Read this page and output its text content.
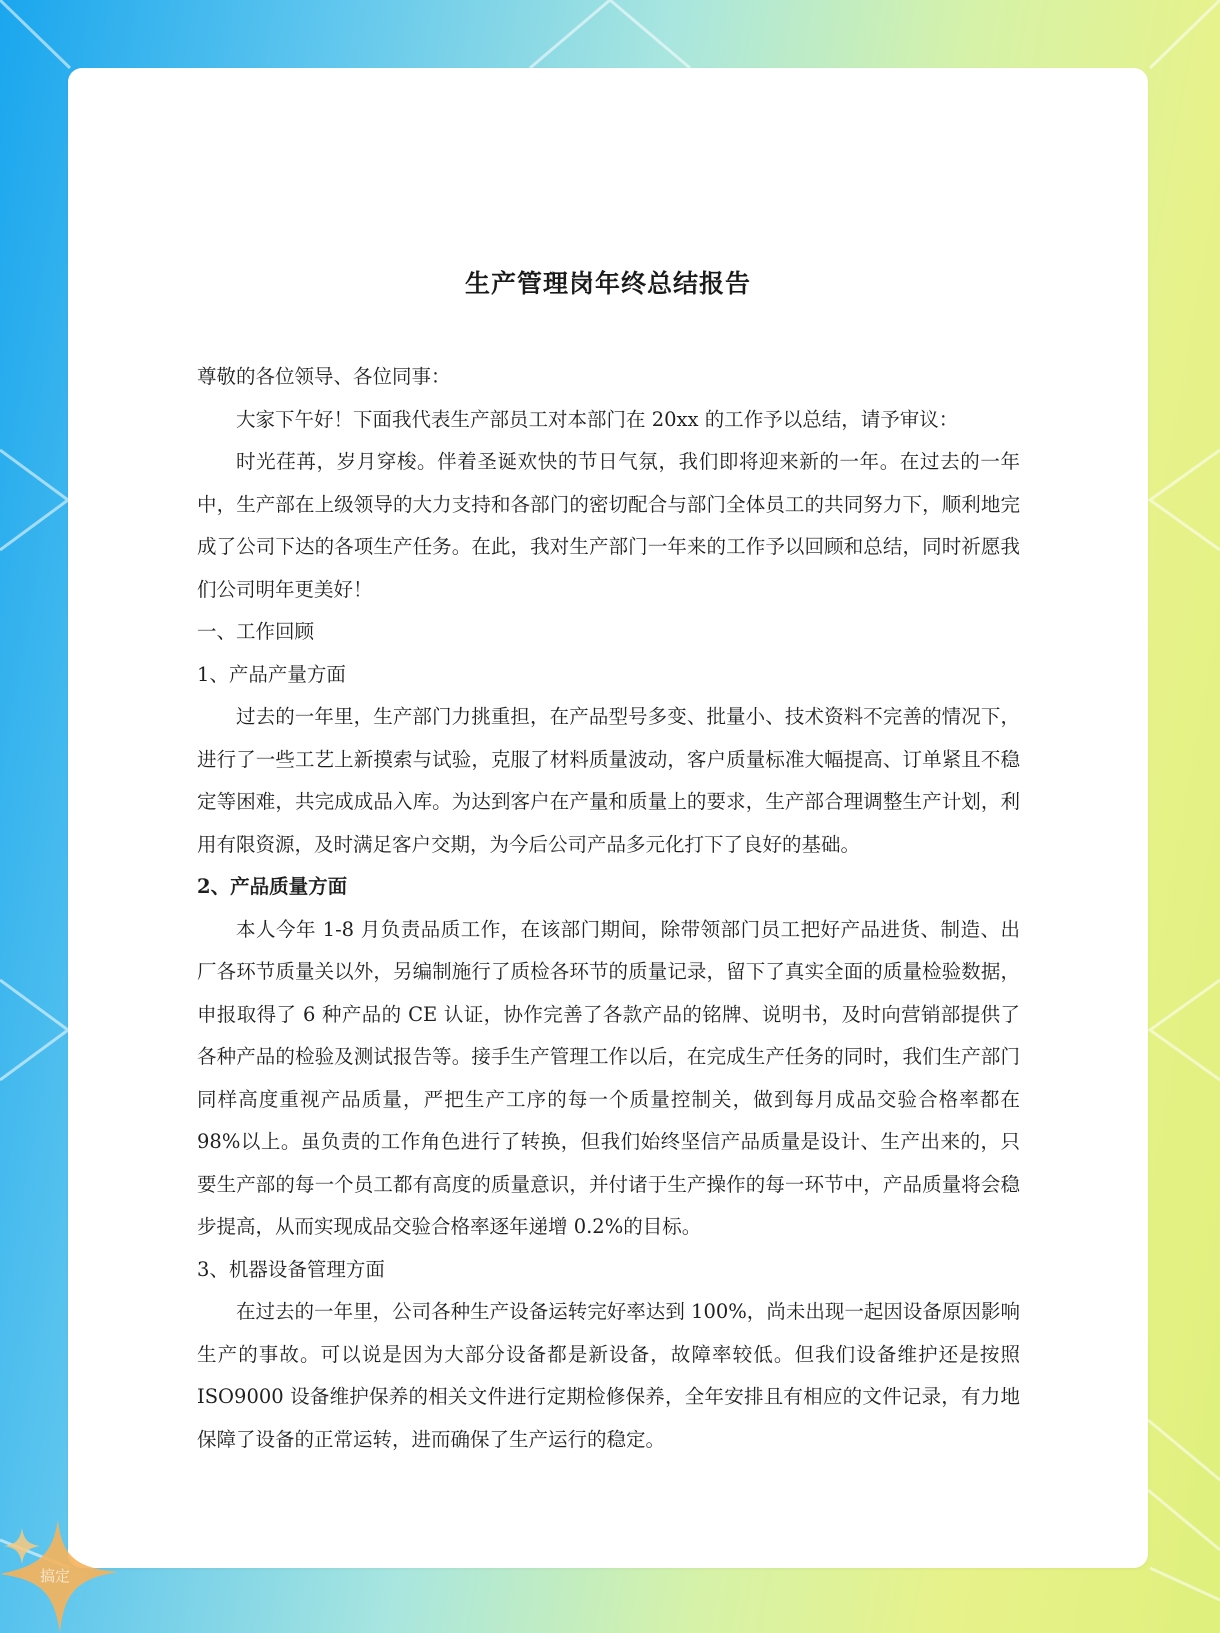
生产管理岗年终总结报告

尊敬的各位领导、各位同事：

大家下午好！下面我代表生产部员工对本部门在 20xx 的工作予以总结，请予审议：

时光荏苒，岁月穿梭。伴着圣诞欢快的节日气氛，我们即将迎来新的一年。在过去的一年中，生产部在上级领导的大力支持和各部门的密切配合与部门全体员工的共同努力下，顺利地完成了公司下达的各项生产任务。在此，我对生产部门一年来的工作予以回顾和总结，同时祈愿我们公司明年更美好！

一、工作回顾

1、产品产量方面

过去的一年里，生产部门力挑重担，在产品型号多变、批量小、技术资料不完善的情况下，进行了一些工艺上新摸索与试验，克服了材料质量波动，客户质量标准大幅提高、订单紧且不稳定等困难，共完成成品入库。为达到客户在产量和质量上的要求，生产部合理调整生产计划，利用有限资源，及时满足客户交期，为今后公司产品多元化打下了良好的基础。

2、产品质量方面

本人今年 1-8 月负责品质工作，在该部门期间，除带领部门员工把好产品进货、制造、出厂各环节质量关以外，另编制施行了质检各环节的质量记录，留下了真实全面的质量检验数据，申报取得了 6 种产品的 CE 认证，协作完善了各款产品的铭牌、说明书，及时向营销部提供了各种产品的检验及测试报告等。接手生产管理工作以后，在完成生产任务的同时，我们生产部门同样高度重视产品质量，严把生产工序的每一个质量控制关，做到每月成品交验合格率都在 98%以上。虽负责的工作角色进行了转换，但我们始终坚信产品质量是设计、生产出来的，只要生产部的每一个员工都有高度的质量意识，并付诸于生产操作的每一环节中，产品质量将会稳步提高，从而实现成品交验合格率逐年递增 0.2%的目标。

3、机器设备管理方面

在过去的一年里，公司各种生产设备运转完好率达到 100%，尚未出现一起因设备原因影响生产的事故。可以说是因为大部分设备都是新设备，故障率较低。但我们设备维护还是按照 ISO9000 设备维护保养的相关文件进行定期检修保养，全年安排且有相应的文件记录，有力地保障了设备的正常运转，进而确保了生产运行的稳定。

搞定
